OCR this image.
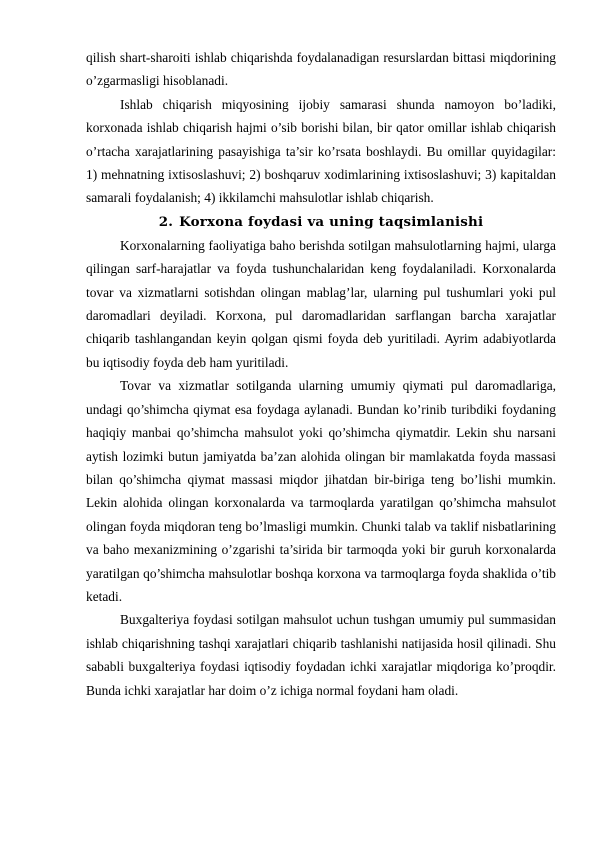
qilish shart-sharoiti ishlab chiqarishda foydalanadigan resurslardan bittasi miqdorining o’zgarmasligi hisoblanadi.

Ishlab chiqarish miqyosining ijobiy samarasi shunda namoyon bo’ladiki, korxonada ishlab chiqarish hajmi o’sib borishi bilan, bir qator omillar ishlab chiqarish o’rtacha xarajatlarining pasayishiga ta’sir ko’rsata boshlaydi. Bu omillar quyidagilar: 1) mehnatning ixtisoslashuvi; 2) boshqaruv xodimlarining ixtisoslashuvi; 3) kapitaldan samarali foydalanish; 4) ikkilamchi mahsulotlar ishlab chiqarish.

2. Korxona foydasi va uning taqsimlanishi

Korxonalarning faoliyatiga baho berishda sotilgan mahsulotlarning hajmi, ularga qilingan sarf-harajatlar va foyda tushunchalaridan keng foydalaniladi. Korxonalarda tovar va xizmatlarni sotishdan olingan mablag’lar, ularning pul tushumlari yoki pul daromadlari deyiladi. Korxona, pul daromadlaridan sarflangan barcha xarajatlar chiqarib tashlangandan keyin qolgan qismi foyda deb yuritiladi. Ayrim adabiyotlarda bu iqtisodiy foyda deb ham yuritiladi.

Tovar va xizmatlar sotilganda ularning umumiy qiymati pul daromadlariga, undagi qo’shimcha qiymat esa foydaga aylanadi. Bundan ko’rinib turibdiki foydaning haqiqiy manbai qo’shimcha mahsulot yoki qo’shimcha qiymatdir. Lekin shu narsani aytish lozimki butun jamiyatda ba’zan alohida olingan bir mamlakatda foyda massasi bilan qo’shimcha qiymat massasi miqdor jihatdan bir-biriga teng bo’lishi mumkin. Lekin alohida olingan korxonalarda va tarmoqlarda yaratilgan qo’shimcha mahsulot olingan foyda miqdoran teng bo’lmasligi mumkin. Chunki talab va taklif nisbatlarining va baho mexanizmining o’zgarishi ta’sirida bir tarmoqda yoki bir guruh korxonalarda yaratilgan qo’shimcha mahsulotlar boshqa korxona va tarmoqlarga foyda shaklida o’tib ketadi.

Buxgalteriya foydasi sotilgan mahsulot uchun tushgan umumiy pul summasidan ishlab chiqarishning tashqi xarajatlari chiqarib tashlanishi natijasida hosil qilinadi. Shu sababli buxgalteriya foydasi iqtisodiy foydadan ichki xarajatlar miqdoriga ko’proqdir. Bunda ichki xarajatlar har doim o’z ichiga normal foydani ham oladi.
